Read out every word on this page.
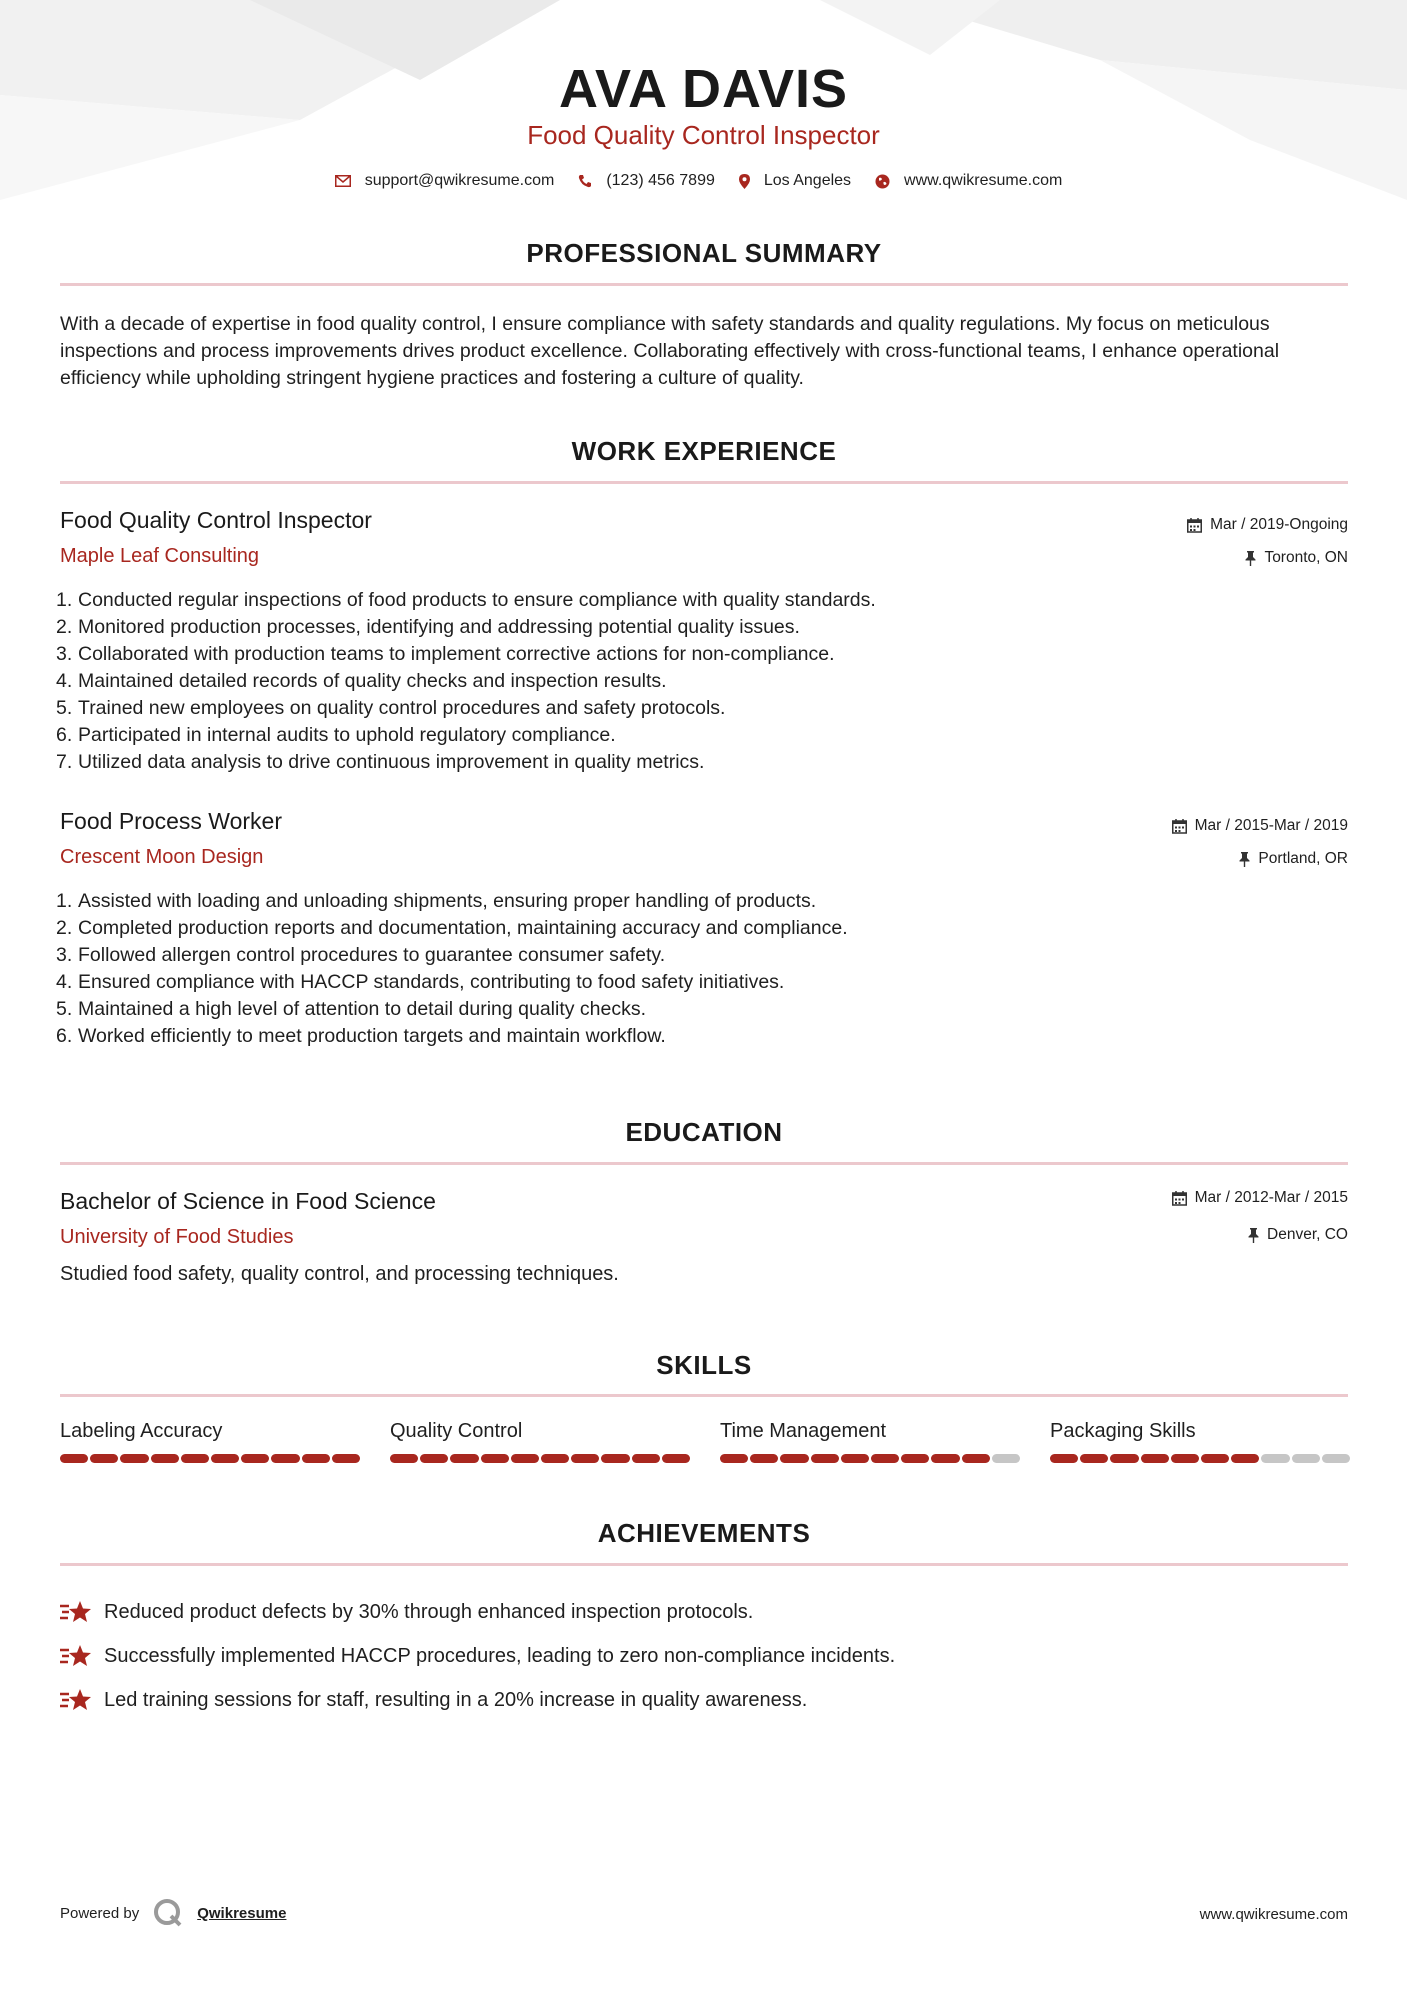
AVA DAVIS
Food Quality Control Inspector
support@qwikresume.com	(123) 456 7899	Los Angeles	www.qwikresume.com
PROFESSIONAL SUMMARY
With a decade of expertise in food quality control, I ensure compliance with safety standards and quality regulations. My focus on meticulous inspections and process improvements drives product excellence. Collaborating effectively with cross-functional teams, I enhance operational efficiency while upholding stringent hygiene practices and fostering a culture of quality.
WORK EXPERIENCE
Food Quality Control Inspector
Maple Leaf Consulting
Mar / 2019-Ongoing
Toronto, ON
1. Conducted regular inspections of food products to ensure compliance with quality standards.
2. Monitored production processes, identifying and addressing potential quality issues.
3. Collaborated with production teams to implement corrective actions for non-compliance.
4. Maintained detailed records of quality checks and inspection results.
5. Trained new employees on quality control procedures and safety protocols.
6. Participated in internal audits to uphold regulatory compliance.
7. Utilized data analysis to drive continuous improvement in quality metrics.
Food Process Worker
Crescent Moon Design
Mar / 2015-Mar / 2019
Portland, OR
1. Assisted with loading and unloading shipments, ensuring proper handling of products.
2. Completed production reports and documentation, maintaining accuracy and compliance.
3. Followed allergen control procedures to guarantee consumer safety.
4. Ensured compliance with HACCP standards, contributing to food safety initiatives.
5. Maintained a high level of attention to detail during quality checks.
6. Worked efficiently to meet production targets and maintain workflow.
EDUCATION
Bachelor of Science in Food Science
University of Food Studies
Mar / 2012-Mar / 2015
Denver, CO
Studied food safety, quality control, and processing techniques.
SKILLS
Labeling Accuracy	Quality Control	Time Management	Packaging Skills
ACHIEVEMENTS
Reduced product defects by 30% through enhanced inspection protocols.
Successfully implemented HACCP procedures, leading to zero non-compliance incidents.
Led training sessions for staff, resulting in a 20% increase in quality awareness.
Powered by	Qwikresume	www.qwikresume.com
